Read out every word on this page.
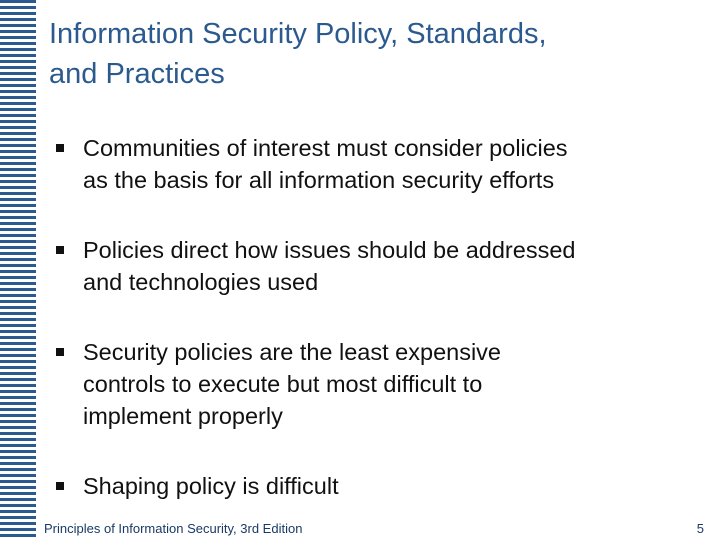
Information Security Policy, Standards,
and Practices
Communities of interest must consider policies
as the basis for all information security efforts
Policies direct how issues should be addressed
and technologies used
Security policies are the least expensive
controls to execute but most difficult to
implement properly
Shaping policy is difficult
Principles of Information Security, 3rd Edition	5
